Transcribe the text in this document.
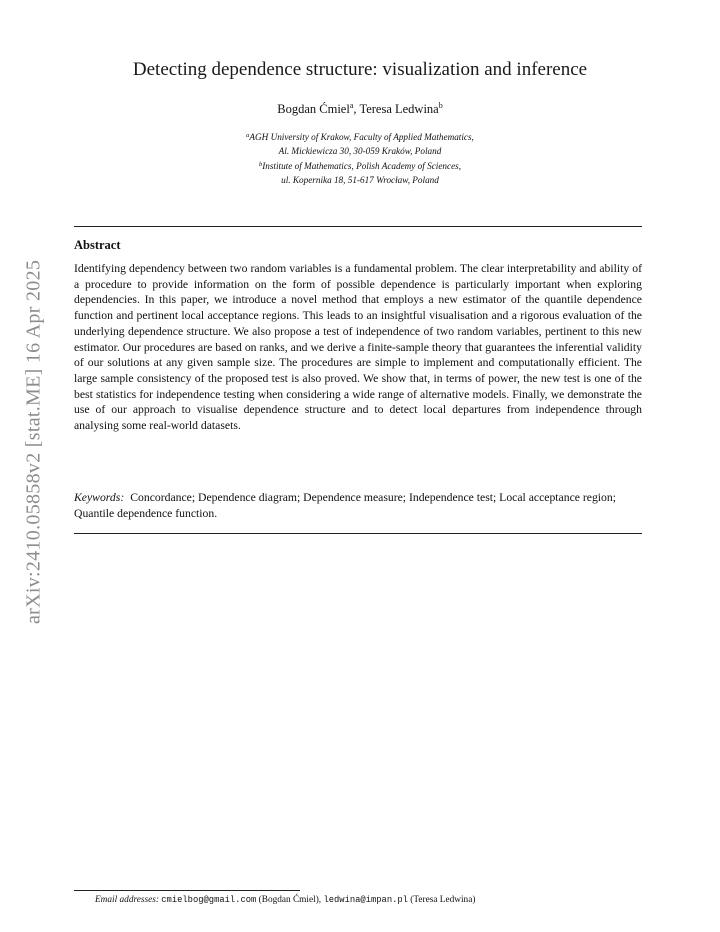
arXiv:2410.05858v2 [stat.ME] 16 Apr 2025
Detecting dependence structure: visualization and inference
Bogdan Ćmiel$^a$, Teresa Ledwina$^b$
$^a$AGH University of Krakow, Faculty of Applied Mathematics,
Al. Mickiewicza 30, 30-059 Kraków, Poland
$^b$Institute of Mathematics, Polish Academy of Sciences,
ul. Kopernika 18, 51-617 Wrocław, Poland
Abstract
Identifying dependency between two random variables is a fundamental problem. The clear interpretability and ability of a procedure to provide information on the form of possible dependence is particularly important when exploring dependencies. In this paper, we introduce a novel method that employs a new estimator of the quantile dependence function and pertinent local acceptance regions. This leads to an insightful visualisation and a rigorous evaluation of the underlying dependence structure. We also propose a test of independence of two random variables, pertinent to this new estimator. Our procedures are based on ranks, and we derive a finite-sample theory that guarantees the inferential validity of our solutions at any given sample size. The procedures are simple to implement and computationally efficient. The large sample consistency of the proposed test is also proved. We show that, in terms of power, the new test is one of the best statistics for independence testing when considering a wide range of alternative models. Finally, we demonstrate the use of our approach to visualise dependence structure and to detect local departures from independence through analysing some real-world datasets.
Keywords: Concordance; Dependence diagram; Dependence measure; Independence test; Local acceptance region; Quantile dependence function.
Email addresses: cmielbog@gmail.com (Bogdan Ćmiel), ledwina@impan.pl (Teresa Ledwina)
